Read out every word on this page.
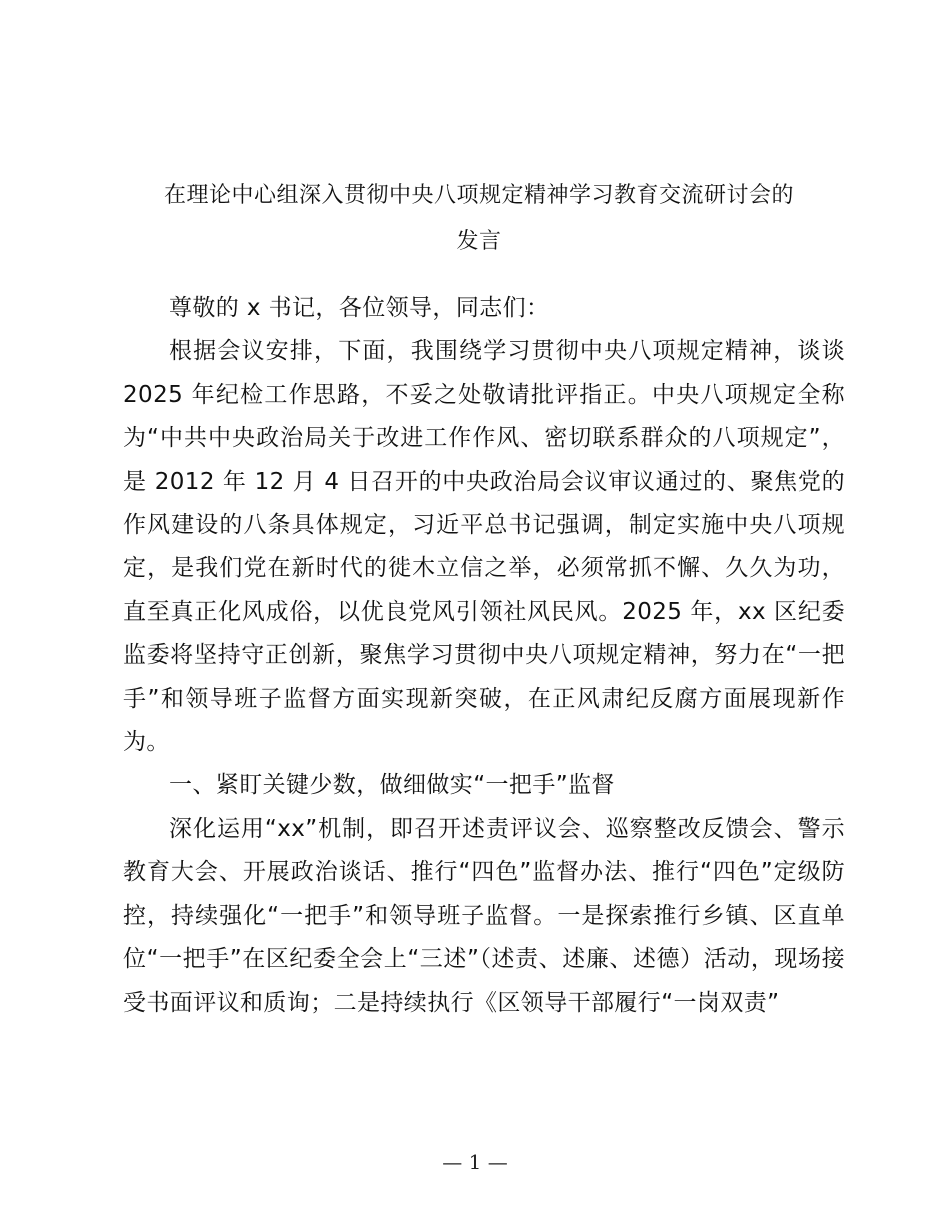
在理论中心组深入贯彻中央八项规定精神学习教育交流研讨会的
发言

尊敬的 x 书记，各位领导，同志们：

根据会议安排，下面，我围绕学习贯彻中央八项规定精神，谈谈 2025 年纪检工作思路，不妥之处敬请批评指正。中央八项规定全称为“中共中央政治局关于改进工作作风、密切联系群众的八项规定”，是 2012 年 12 月 4 日召开的中央政治局会议审议通过的、聚焦党的作风建设的八条具体规定，习近平总书记强调，制定实施中央八项规定，是我们党在新时代的徙木立信之举，必须常抓不懈、久久为功，直至真正化风成俗，以优良党风引领社风民风。2025 年，xx 区纪委监委将坚持守正创新，聚焦学习贯彻中央八项规定精神，努力在“一把手”和领导班子监督方面实现新突破，在正风肃纪反腐方面展现新作为。

一、紧盯关键少数，做细做实“一把手”监督

深化运用“xx”机制，即召开述责评议会、巡察整改反馈会、警示教育大会、开展政治谈话、推行“四色”监督办法、推行“四色”定级防控，持续强化“一把手”和领导班子监督。一是探索推行乡镇、区直单位“一把手”在区纪委全会上“三述”（述责、述廉、述德）活动，现场接受书面评议和质询；二是持续执行《区领导干部履行“一岗双责”

— 1 —
